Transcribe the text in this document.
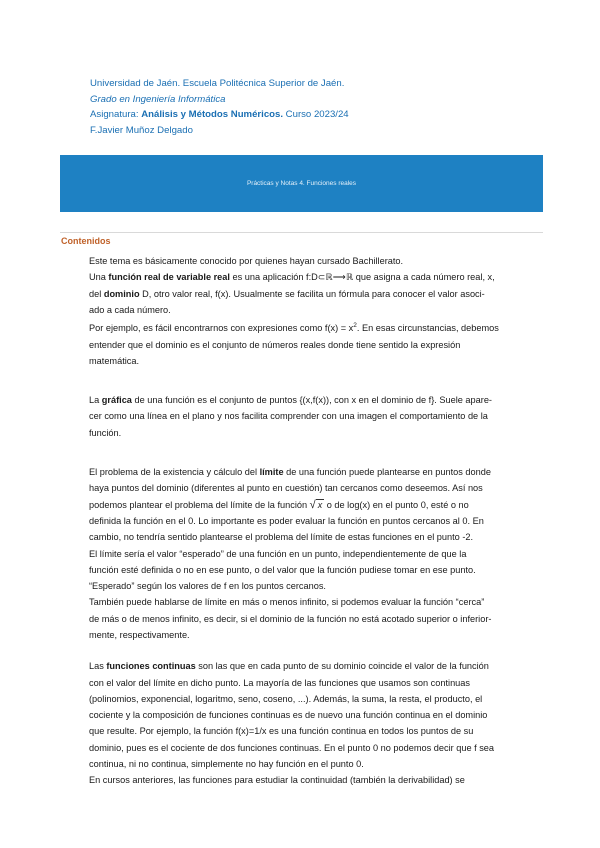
Universidad de Jaén. Escuela Politécnica Superior de Jaén.
Grado en Ingeniería Informática
Asignatura: Análisis y Métodos Numéricos. Curso 2023/24
F.Javier Muñoz Delgado
Prácticas y Notas 4. Funciones reales
Contenidos

Este tema es básicamente conocido por quienes hayan cursado Bachillerato.

Una función real de variable real es una aplicación f:D⊂ℝ⟶ℝ que asigna a cada número real, x,
del dominio D, otro valor real, f(x). Usualmente se facilita un fórmula para conocer el valor asoci-
ado a cada número.

Por ejemplo, es fácil encontrarnos con expresiones como $f(x) = x^2$. En esas circunstancias, debemos
entender que el dominio es el conjunto de números reales donde tiene sentido la expresión
matemática.

La gráfica de una función es el conjunto de puntos {(x,f(x)), con x en el dominio de f}. Suele apare-
cer como una línea en el plano y nos facilita comprender con una imagen el comportamiento de la
función.

El problema de la existencia y cálculo del límite de una función puede plantearse en puntos donde
haya puntos del dominio (diferentes al punto en cuestión) tan cercanos como deseemos. Así nos
podemos plantear el problema del límite de la función √ x o de log(x) en el punto 0, esté o no
definida la función en el 0. Lo importante es poder evaluar la función en puntos cercanos al 0. En
cambio, no tendría sentido plantearse el problema del límite de estas funciones en el punto -2.
El límite sería el valor “esperado” de una función en un punto, independientemente de que la
función esté definida o no en ese punto, o del valor que la función pudiese tomar en ese punto.
“Esperado” según los valores de f en los puntos cercanos.
También puede hablarse de límite en más o menos infinito, si podemos evaluar la función “cerca”
de más o de menos infinito, es decir, si el dominio de la función no está acotado superior o inferior-
mente, respectivamente.

Las funciones continuas son las que en cada punto de su dominio coincide el valor de la función
con el valor del límite en dicho punto. La mayoría de las funciones que usamos son continuas
(polinomios, exponencial, logaritmo, seno, coseno, ...). Además, la suma, la resta, el producto, el
cociente y la composición de funciones continuas es de nuevo una función continua en el dominio
que resulte. Por ejemplo, la función f(x)=1/x es una función continua en todos los puntos de su
dominio, pues es el cociente de dos funciones continuas. En el punto 0 no podemos decir que f sea
continua, ni no continua, simplemente no hay función en el punto 0.
En cursos anteriores, las funciones para estudiar la continuidad (también la derivabilidad) se
